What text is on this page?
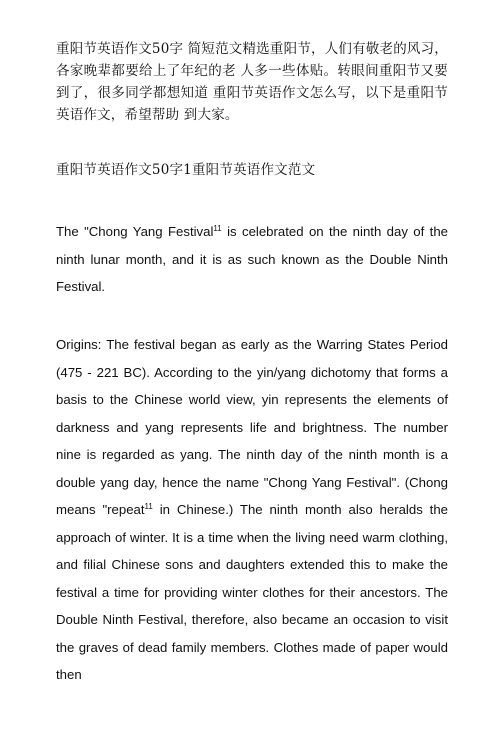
重阳节英语作文50字 简短范文精选重阳节，人们有敬老的风习，各家晚辈都要给上了年纪的老 人多一些体贴。转眼间重阳节又要到了，很多同学都想知道 重阳节英语作文怎么写，以下是重阳节英语作文，希望帮助 到大家。

重阳节英语作文50字1重阳节英语作文范文

The "Chong Yang Festival$^{11}$ is celebrated on the ninth day of the ninth lunar month, and it is as such known as the Double Ninth Festival.

Origins: The festival began as early as the Warring States Period (475 - 221 BC). According to the yin/yang dichotomy that forms a basis to the Chinese world view, yin represents the elements of darkness and yang represents life and brightness. The number nine is regarded as yang. The ninth day of the ninth month is a double yang day, hence the name "Chong Yang Festival". (Chong means "repeat$^{11}$ in Chinese.) The ninth month also heralds the approach of winter. It is a time when the living need warm clothing, and filial Chinese sons and daughters extended this to make the festival a time for providing winter clothes for their ancestors. The Double Ninth Festival, therefore, also became an occasion to visit the graves of dead family members. Clothes made of paper would then
